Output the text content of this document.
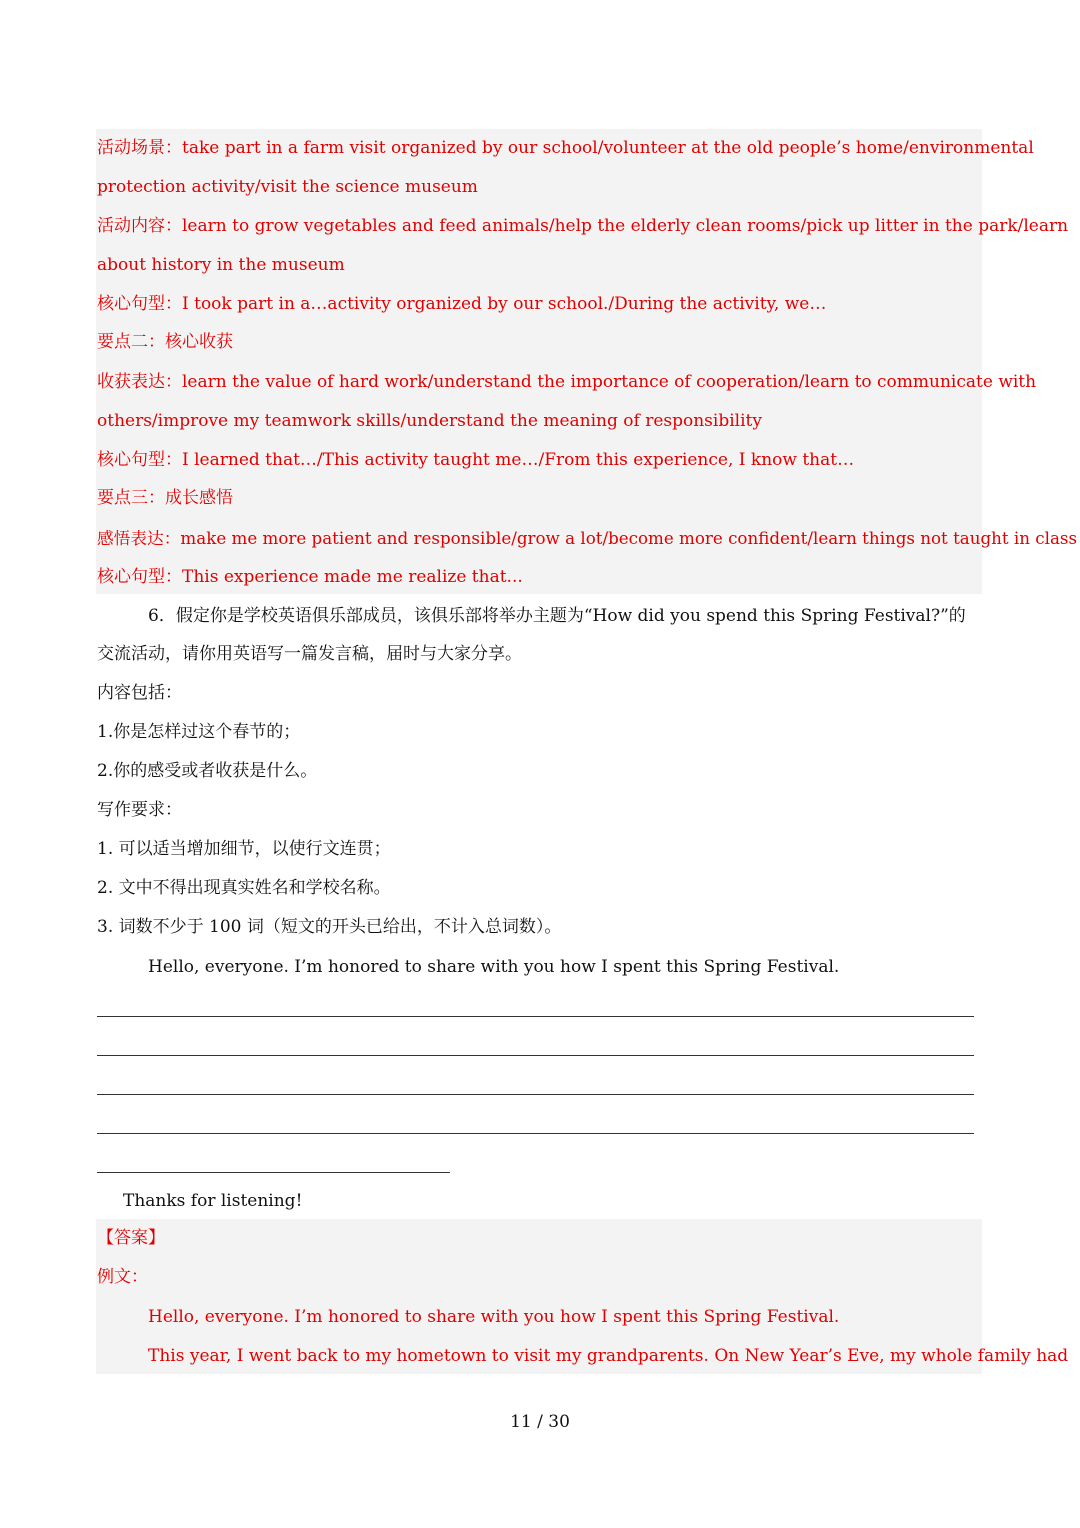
活动场景：take part in a farm visit organized by our school/volunteer at the old people’s home/environmental
protection activity/visit the science museum
活动内容：learn to grow vegetables and feed animals/help the elderly clean rooms/pick up litter in the park/learn
about history in the museum
核心句型：I took part in a…activity organized by our school./During the activity, we…
要点二：核心收获
收获表达：learn the value of hard work/understand the importance of cooperation/learn to communicate with
others/improve my teamwork skills/understand the meaning of responsibility
核心句型：I learned that…/This activity taught me…/From this experience, I know that…
要点三：成长感悟
感悟表达：make me more patient and responsible/grow a lot/become more confident/learn things not taught in class
核心句型：This experience made me realize that...
6．假定你是学校英语俱乐部成员，该俱乐部将举办主题为“How did you spend this Spring Festival?”的
交流活动，请你用英语写一篇发言稿，届时与大家分享。
内容包括：
1.你是怎样过这个春节的；
2.你的感受或者收获是什么。
写作要求：
1. 可以适当增加细节，以使行文连贯；
2. 文中不得出现真实姓名和学校名称。
3. 词数不少于 100 词（短文的开头已给出，不计入总词数）。
Hello, everyone. I’m honored to share with you how I spent this Spring Festival.
Thanks for listening!
【答案】
例文：
Hello, everyone. I’m honored to share with you how I spent this Spring Festival.
This year, I went back to my hometown to visit my grandparents. On New Year’s Eve, my whole family had
11 / 30
